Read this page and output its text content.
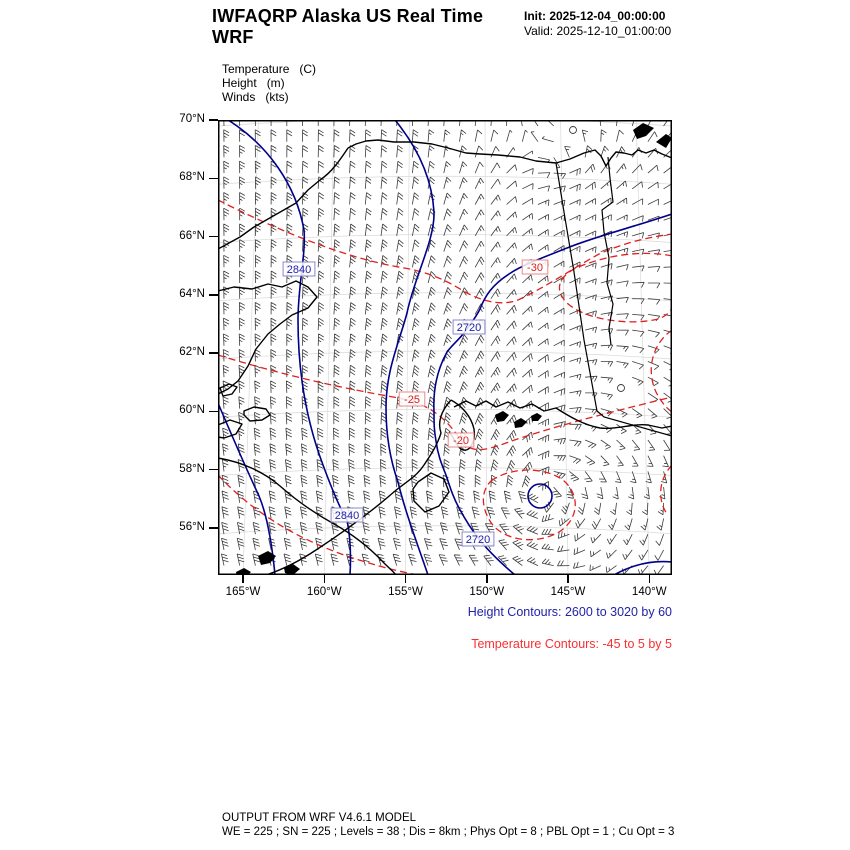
IWFAQRP Alaska US Real Time WRF
Init: 2025-12-04_00:00:00
Valid: 2025-12-10_01:00:00
Temperature   (C)
Height   (m)
Winds   (kts)
70°N
68°N
66°N
64°N
62°N
60°N
58°N
56°N
165°W	160°W	155°W	150°W	145°W	140°W
2840
2720
2840
2720
-30
-25
-20
Height Contours: 2600 to 3020 by 60
Temperature Contours: -45 to 5 by 5
OUTPUT FROM WRF V4.6.1 MODEL
WE = 225 ; SN = 225 ; Levels = 38 ; Dis = 8km ; Phys Opt = 8 ; PBL Opt = 1 ; Cu Opt = 3
